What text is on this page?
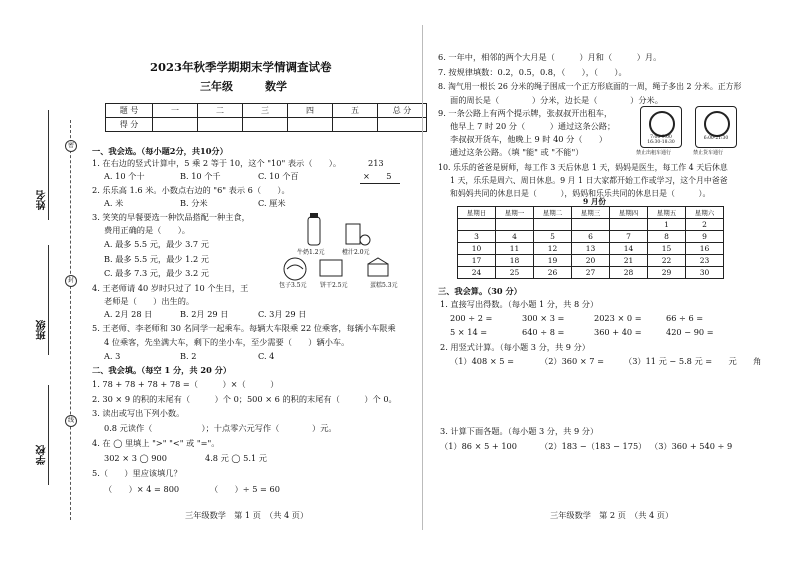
密
封
线
姓名
班级
学校
2023年秋季学期期末学情调查试卷
三年级	数学
题 号	一	二	三	四	五	总 分
得 分						
一、我会选。（每小题2分，共10分）
1. 在右边的竖式计算中，5 乘 2 等于 10，这个 "10" 表示（　　）。	213
×　　5
A. 10 个十	B. 10 个千	C. 10 个百
2. 乐乐高 1.6 米。小数点右边的 "6" 表示 6（　　）。
A. 米	B. 分米	C. 厘米
3. 笑笑的早餐要选一种饮品搭配一种主食，
费用正确的是（　　）。
A. 最多 5.5 元，最少 3.7 元
B. 最多 5.5 元，最少 1.2 元
C. 最多 7.3 元，最少 3.2 元
牛奶1.2元	橙汁2.0元
包子3.5元 饼干2.5元	蛋糕5.3元
4. 王老师请 40 岁时只过了 10 个生日，王
老师是（　　）出生的。
A. 2月 28 日	B. 2月 29 日	C. 3月 29 日
5. 王老师、李老师和 30 名同学一起乘车。每辆大车限乘 22 位乘客，每辆小车限乘
4 位乘客，先坐满大车，剩下的坐小车，至少需要（　　）辆小车。
A. 3	B. 2	C. 4
二、我会填。（每空 1 分，共 20 分）
1. 78 + 78 + 78 + 78 =（　　　）×（　　　）
2. 30 × 9 的积的末尾有（　　　）个 0；500 × 6 的积的末尾有（　　　）个 0。
3. 读出或写出下列小数。
0.8 元读作（　　　　　　）；十点零六元写作（　　　　）元。
4. 在 ◯ 里填上 ">" "<" 或 "="。
302 × 3 ◯ 900	4.8 元 ◯ 5.1 元
5.（　　）里应该填几？
（　　）× 4 = 800	（　　）÷ 5 = 60
三年级数学　第 1 页　（共 4 页）
6. 一年中，相邻的两个大月是（　　　）月和（　　　）月。
7. 按规律填数：0.2，0.5，0.8，（　　），（　　）。
8. 淘气用一根长 26 分米的绳子围成一个正方形底面的一周，绳子多出 2 分米。正方形
面的周长是（　　　　）分米，边长是（　　　　）分米。
9. 一条公路上有两个提示牌，张叔叔开出租车，
他早上 7 时 20 分（　　　）通过这条公路；
李叔叔开货车，他晚上 9 时 40 分（　　）
通过这条公路。（填 "能" 或 "不能"）
7:00-9:00
16:30-18:30
禁止出租车通行
6:00-21:30
禁止货车通行
10. 乐乐的爸爸是厨师，每工作 3 天后休息 1 天，妈妈是医生，每工作 4 天后休息
1 天，乐乐是周六、周日休息。9 月 1 日大家都开始工作或学习，这个月中爸爸
和妈妈共同的休息日是（　　　），妈妈和乐乐共同的休息日是（　　　）。
9 月份
星期日	星期一	星期二	星期三	星期四	星期五	星期六
					1	2
3	4	5	6	7	8	9
10	11	12	13	14	15	16
17	18	19	20	21	22	23
24	25	26	27	28	29	30
三、我会算。（30 分）
1. 直接写出得数。（每小题 1 分，共 8 分）
200 ÷ 2 =	300 × 3 =	2023 × 0 =	66 ÷ 6 =
5 × 14 =	640 ÷ 8 =	360 + 40 =	420 − 90 =
2. 用竖式计算。（每小题 3 分，共 9 分）
（1）408 × 5 =	（2）360 × 7 = （3）11 元 − 5.8 元 =　　元　　角
3. 计算下面各题。（每小题 3 分，共 9 分）
（1）86 × 5 + 100	（2）183 −（183 − 175） （3）360 + 540 ÷ 9
三年级数学　第 2 页　（共 4 页）
